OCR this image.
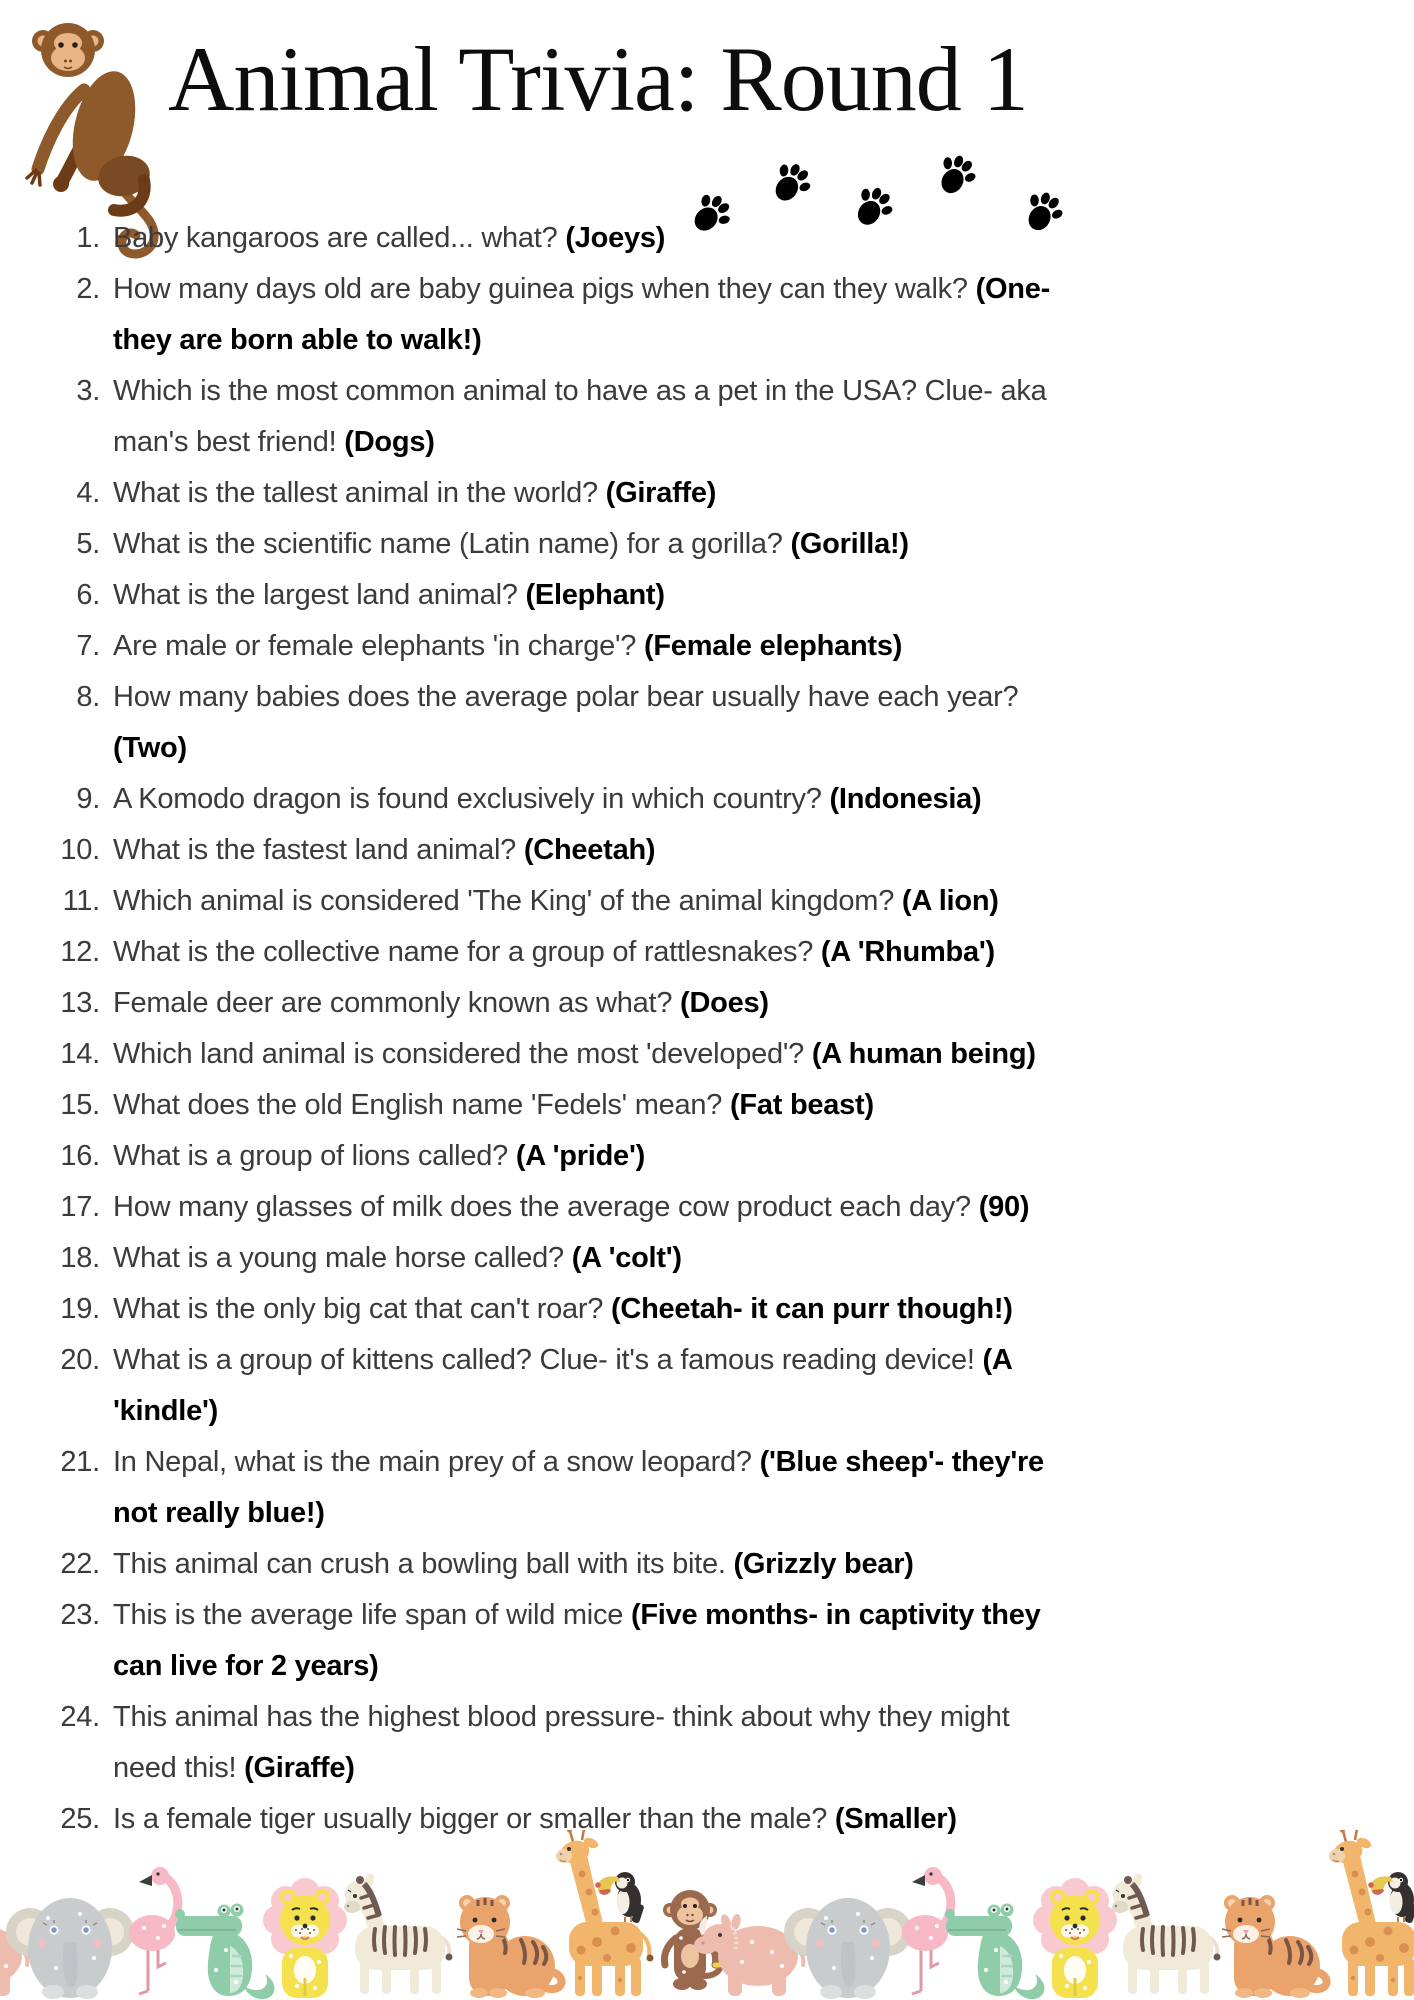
Animal Trivia: Round 1
1. Baby kangaroos are called... what? (Joeys)
2. How many days old are baby guinea pigs when they can they walk? (One- they are born able to walk!)
3. Which is the most common animal to have as a pet in the USA? Clue- aka man's best friend! (Dogs)
4. What is the tallest animal in the world? (Giraffe)
5. What is the scientific name (Latin name) for a gorilla? (Gorilla!)
6. What is the largest land animal? (Elephant)
7. Are male or female elephants 'in charge'? (Female elephants)
8. How many babies does the average polar bear usually have each year? (Two)
9. A Komodo dragon is found exclusively in which country? (Indonesia)
10. What is the fastest land animal? (Cheetah)
11. Which animal is considered 'The King' of the animal kingdom? (A lion)
12. What is the collective name for a group of rattlesnakes? (A 'Rhumba')
13. Female deer are commonly known as what? (Does)
14. Which land animal is considered the most 'developed'? (A human being)
15. What does the old English name 'Fedels' mean? (Fat beast)
16. What is a group of lions called? (A 'pride')
17. How many glasses of milk does the average cow product each day? (90)
18. What is a young male horse called? (A 'colt')
19. What is the only big cat that can't roar? (Cheetah- it can purr though!)
20. What is a group of kittens called? Clue- it's a famous reading device! (A 'kindle')
21. In Nepal, what is the main prey of a snow leopard? ('Blue sheep'- they're not really blue!)
22. This animal can crush a bowling ball with its bite. (Grizzly bear)
23. This is the average life span of wild mice (Five months- in captivity they can live for 2 years)
24. This animal has the highest blood pressure- think about why they might need this! (Giraffe)
25. Is a female tiger usually bigger or smaller than the male? (Smaller)
